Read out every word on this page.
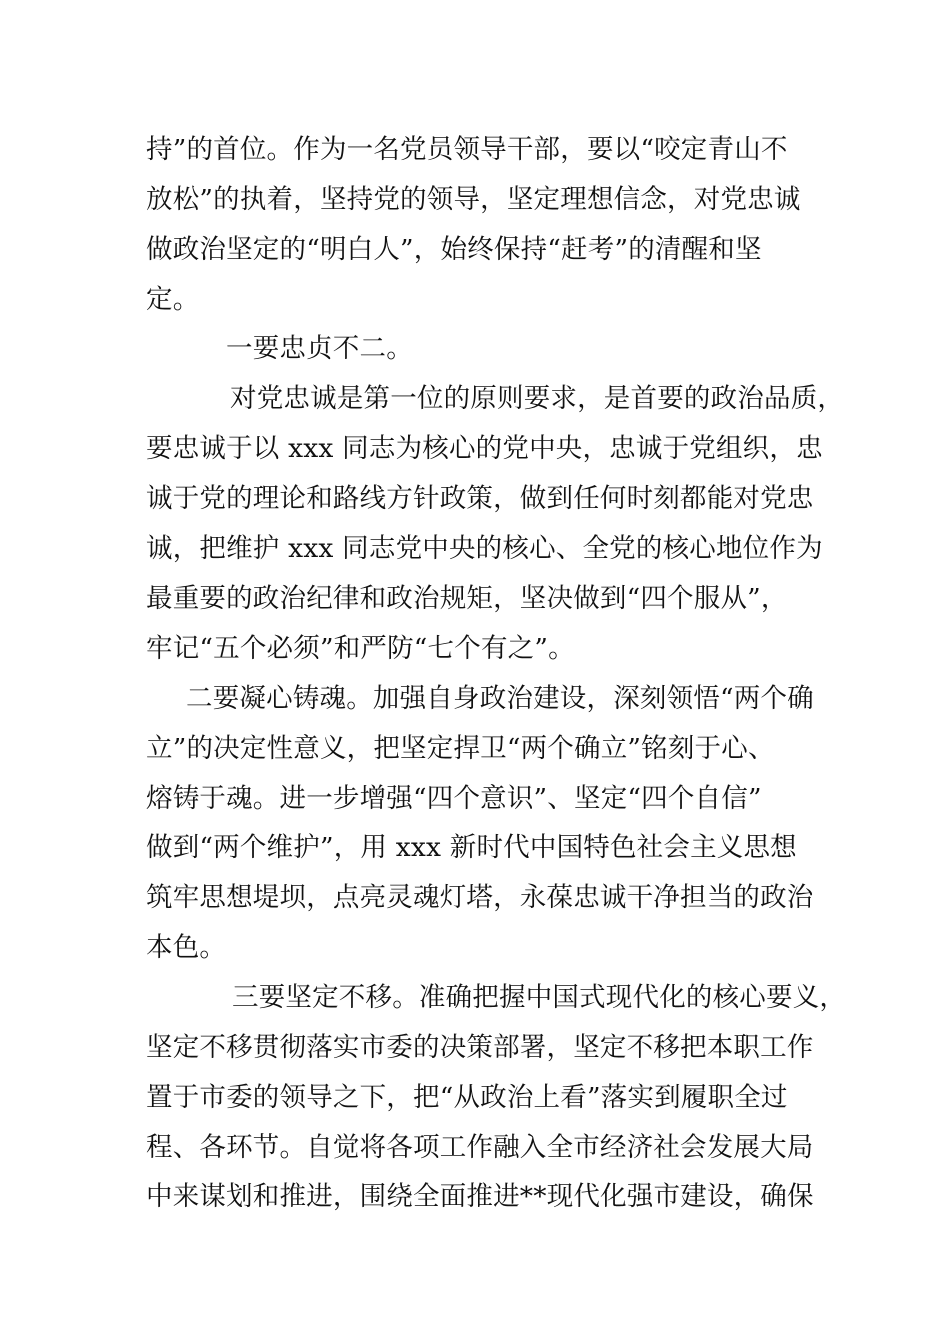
持”的首位。作为一名党员领导干部，要以“咬定青山不
放松”的执着，坚持党的领导，坚定理想信念，对党忠诚
做政治坚定的“明白人”，始终保持“赶考”的清醒和坚
定。
一要忠贞不二。
对党忠诚是第一位的原则要求，是首要的政治品质，
要忠诚于以 xxx 同志为核心的党中央，忠诚于党组织，忠
诚于党的理论和路线方针政策，做到任何时刻都能对党忠
诚，把维护 xxx 同志党中央的核心、全党的核心地位作为
最重要的政治纪律和政治规矩，坚决做到“四个服从”，
牢记“五个必须”和严防“七个有之”。
二要凝心铸魂。加强自身政治建设，深刻领悟“两个确
立”的决定性意义，把坚定捍卫“两个确立”铭刻于心、
熔铸于魂。进一步增强“四个意识”、坚定“四个自信”
做到“两个维护”，用 xxx 新时代中国特色社会主义思想
筑牢思想堤坝，点亮灵魂灯塔，永葆忠诚干净担当的政治
本色。
三要坚定不移。准确把握中国式现代化的核心要义，
坚定不移贯彻落实市委的决策部署，坚定不移把本职工作
置于市委的领导之下，把“从政治上看”落实到履职全过
程、各环节。自觉将各项工作融入全市经济社会发展大局
中来谋划和推进，围绕全面推进**现代化强市建设，确保
